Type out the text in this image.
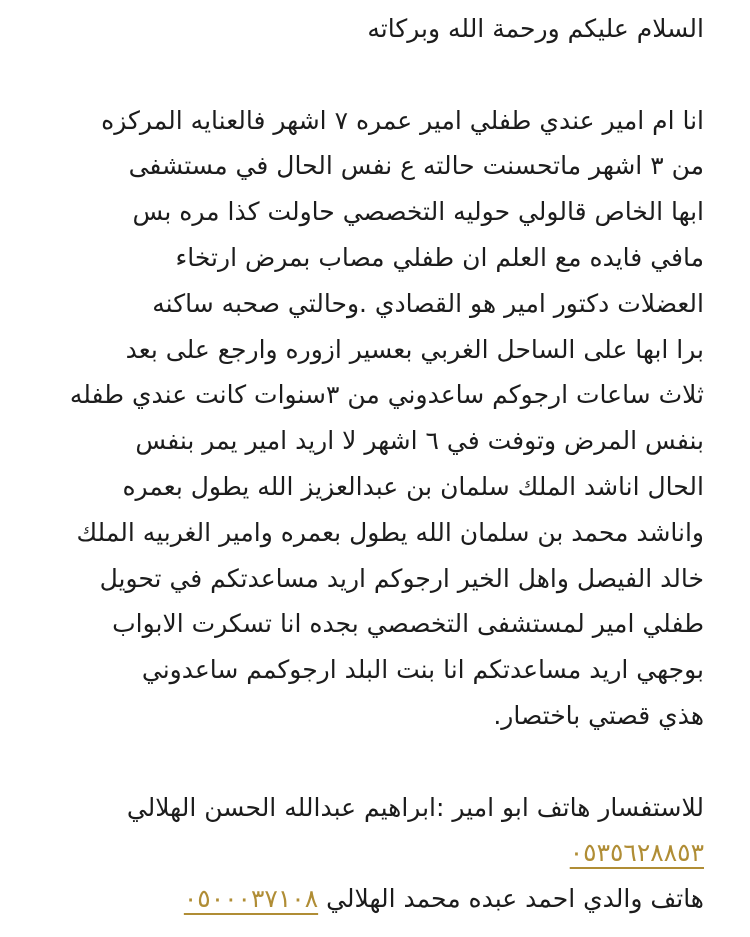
السلام عليكم ورحمة الله وبركاته
انا ام امير عندي طفلي امير عمره ٧ اشهر فالعنايه المركزه
من ٣ اشهر ماتحسنت حالته ع نفس الحال في مستشفى
ابها الخاص قالولي حوليه التخصصي حاولت كذا مره بس
مافي فايده مع العلم ان طفلي مصاب بمرض ارتخاء
العضلات دكتور امير هو القصادي .وحالتي صحبه ساكنه
برا ابها على الساحل الغربي بعسير ازوره وارجع على بعد
ثلاث ساعات ارجوكم ساعدوني من ٣سنوات كانت عندي طفله
بنفس المرض وتوفت في ٦ اشهر لا اريد امير يمر بنفس
الحال اناشد الملك سلمان بن عبدالعزيز الله يطول بعمره
واناشد محمد بن سلمان الله يطول بعمره وامير الغربيه الملك
خالد الفيصل واهل الخير ارجوكم اريد مساعدتكم في تحويل
طفلي امير لمستشفى التخصصي بجده انا تسكرت الابواب
بوجهي اريد مساعدتكم انا بنت البلد ارجوكمم ساعدوني
هذي قصتي باختصار.
للاستفسار هاتف ابو امير :ابراهيم عبدالله الحسن الهلالي
٠٥٣٥٦٢٨٨٥٣
هاتف والدي احمد عبده محمد الهلالي ٠٥٠٠٠٣٧١٠٨
